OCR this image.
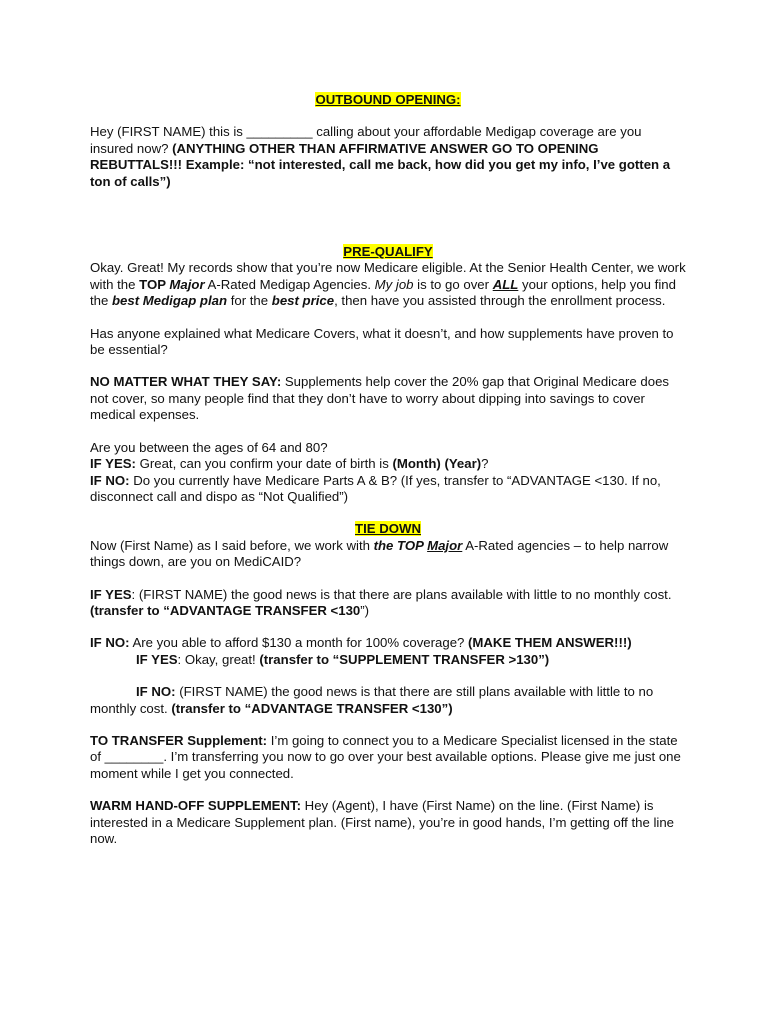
OUTBOUND OPENING:

Hey (FIRST NAME) this is _________ calling about your affordable Medigap coverage are you insured now? (ANYTHING OTHER THAN AFFIRMATIVE ANSWER GO TO OPENING REBUTTALS!!! Example: “not interested, call me back, how did you get my info, I’ve gotten a ton of calls”)

PRE-QUALIFY

Okay. Great! My records show that you’re now Medicare eligible. At the Senior Health Center, we work with the TOP Major A-Rated Medigap Agencies. My job is to go over ALL your options, help you find the best Medigap plan for the best price, then have you assisted through the enrollment process.

Has anyone explained what Medicare Covers, what it doesn’t, and how supplements have proven to be essential?

NO MATTER WHAT THEY SAY: Supplements help cover the 20% gap that Original Medicare does not cover, so many people find that they don’t have to worry about dipping into savings to cover medical expenses.

Are you between the ages of 64 and 80?

IF YES: Great, can you confirm your date of birth is (Month) (Year)?

IF NO: Do you currently have Medicare Parts A & B? (If yes, transfer to “ADVANTAGE <130. If no, disconnect call and dispo as “Not Qualified”)

TIE DOWN

Now (First Name) as I said before, we work with the TOP Major A-Rated agencies – to help narrow things down, are you on MediCAID?

IF YES: (FIRST NAME) the good news is that there are plans available with little to no monthly cost. (transfer to “ADVANTAGE TRANSFER <130”)

IF NO: Are you able to afford $130 a month for 100% coverage? (MAKE THEM ANSWER!!!)

IF YES: Okay, great! (transfer to “SUPPLEMENT TRANSFER >130”)

IF NO: (FIRST NAME) the good news is that there are still plans available with little to no monthly cost. (transfer to “ADVANTAGE TRANSFER <130”)

TO TRANSFER Supplement: I’m going to connect you to a Medicare Specialist licensed in the state of ________. I’m transferring you now to go over your best available options. Please give me just one moment while I get you connected.

WARM HAND-OFF SUPPLEMENT: Hey (Agent), I have (First Name) on the line. (First Name) is interested in a Medicare Supplement plan. (First name), you’re in good hands, I’m getting off the line now.
